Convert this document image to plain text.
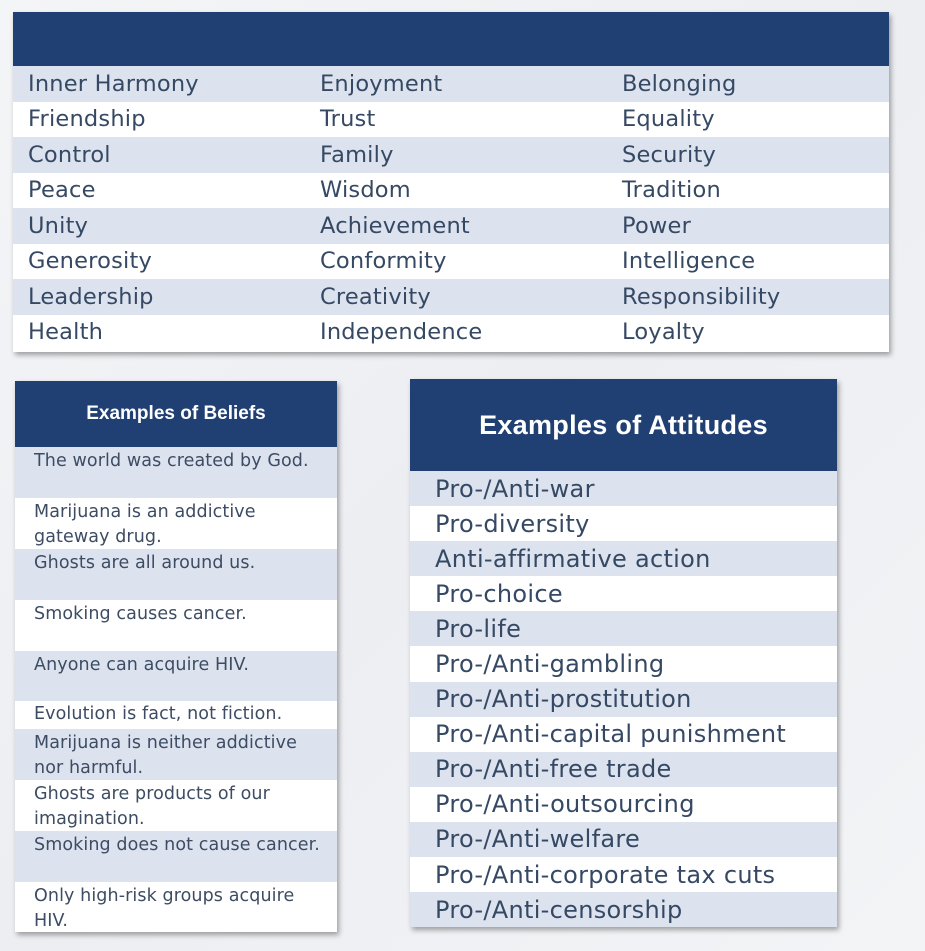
Inner Harmony	Enjoyment	Belonging
Friendship	Trust	Equality
Control	Family	Security
Peace	Wisdom	Tradition
Unity	Achievement	Power
Generosity	Conformity	Intelligence
Leadership	Creativity	Responsibility
Health	Independence	Loyalty
Examples of Beliefs
The world was created by God.
Marijuana is an addictive gateway drug.
Ghosts are all around us.
Smoking causes cancer.
Anyone can acquire HIV.
Evolution is fact, not fiction.
Marijuana is neither addictive nor harmful.
Ghosts are products of our imagination.
Smoking does not cause cancer.
Only high-risk groups acquire HIV.
Examples of Attitudes
Pro-/Anti-war
Pro-diversity
Anti-affirmative action
Pro-choice
Pro-life
Pro-/Anti-gambling
Pro-/Anti-prostitution
Pro-/Anti-capital punishment
Pro-/Anti-free trade
Pro-/Anti-outsourcing
Pro-/Anti-welfare
Pro-/Anti-corporate tax cuts
Pro-/Anti-censorship
